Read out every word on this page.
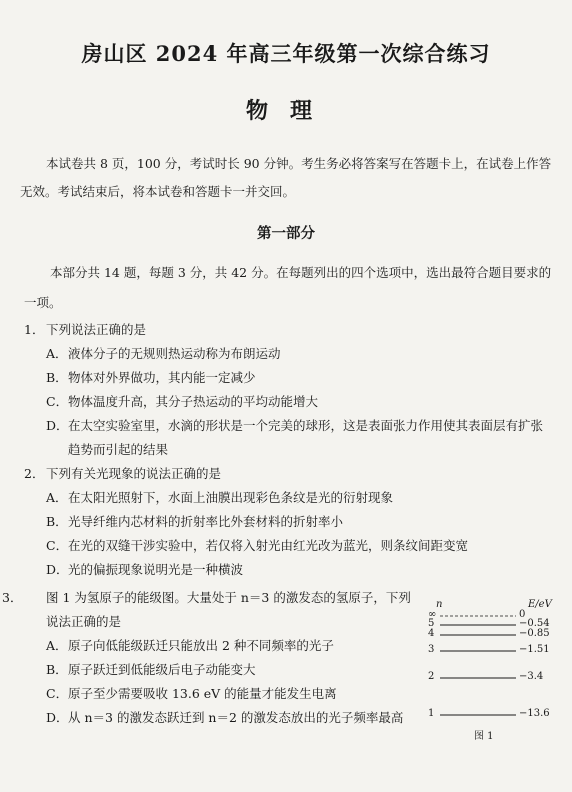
房山区 2024 年高三年级第一次综合练习
物理

本试卷共 8 页，100 分，考试时长 90 分钟。考生务必将答案写在答题卡上，在试卷上作答无效。考试结束后，将本试卷和答题卡一并交回。

第一部分

本部分共 14 题，每题 3 分，共 42 分。在每题列出的四个选项中，选出最符合题目要求的一项。

1． 下列说法正确的是
A． 液体分子的无规则热运动称为布朗运动
B． 物体对外界做功，其内能一定减少
C． 物体温度升高，其分子热运动的平均动能增大
D． 在太空实验室里，水滴的形状是一个完美的球形，这是表面张力作用使其表面层有扩张趋势而引起的结果
2． 下列有关光现象的说法正确的是
A． 在太阳光照射下，水面上油膜出现彩色条纹是光的衍射现象
B． 光导纤维内芯材料的折射率比外套材料的折射率小
C． 在光的双缝干涉实验中，若仅将入射光由红光改为蓝光，则条纹间距变宽
D． 光的偏振现象说明光是一种横波
3． 图 1 为氢原子的能级图。大量处于 n＝3 的激发态的氢原子，下列说法正确的是
A． 原子向低能级跃迁只能放出 2 种不同频率的光子
B． 原子跃迁到低能级后电子动能变大
C． 原子至少需要吸收 13.6 eV 的能量才能发生电离
D． 从 n＝3 的激发态跃迁到 n＝2 的激发态放出的光子频率最高
n	E/eV
图 1
∞	0
5	−0.54
4	−0.85
3	−1.51
2	−3.4
1	−13.6
